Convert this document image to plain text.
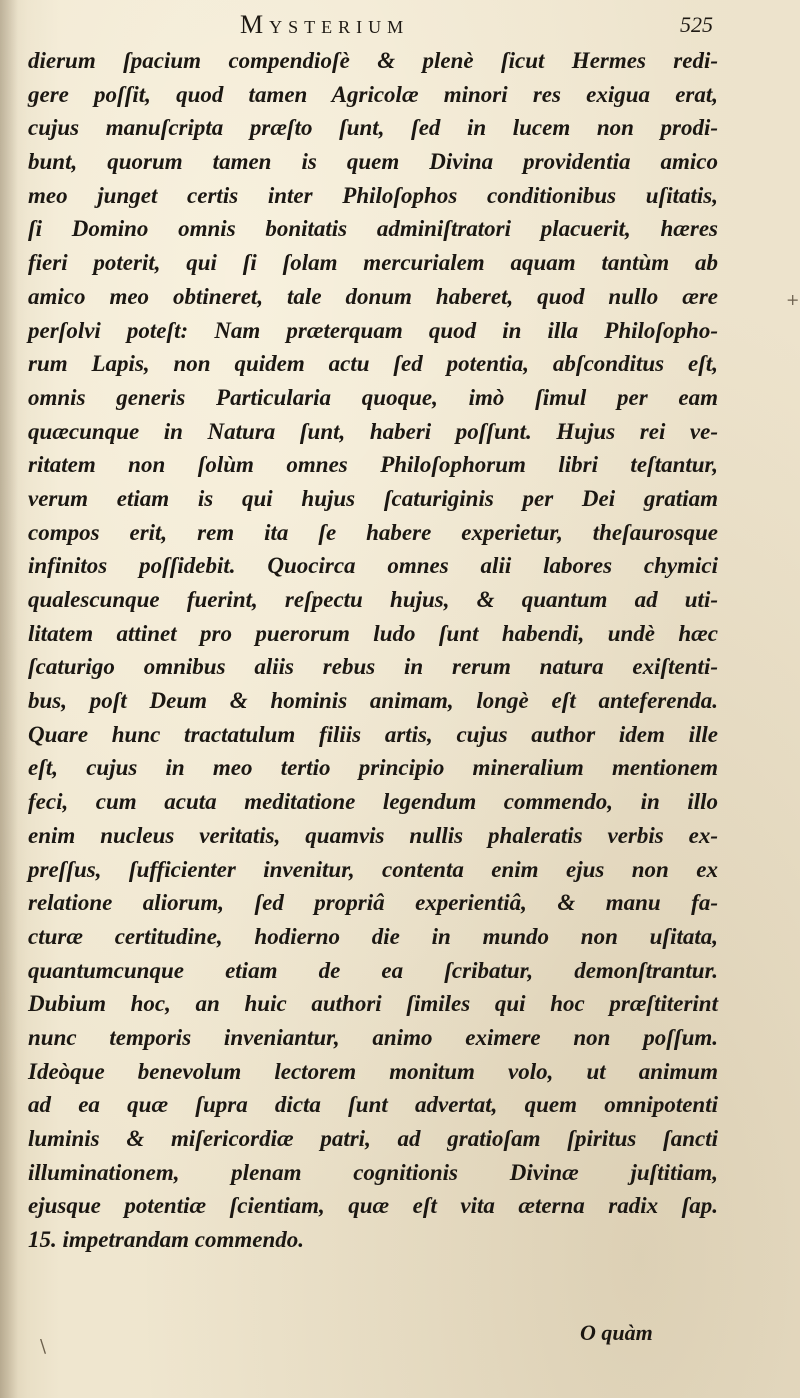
Mysterium	525
dierum ſpacium compendioſè & plenè ſicut Hermes redi-
gere poſſit, quod tamen Agricolæ minori res exigua erat,
cujus manuſcripta præſto ſunt, ſed in lucem non prodi-
bunt, quorum tamen is quem Divina providentia amico
meo junget certis inter Philoſophos conditionibus uſitatis,
ſi Domino omnis bonitatis adminiſtratori placuerit, hæres
fieri poterit, qui ſi ſolam mercurialem aquam tantùm ab
amico meo obtineret, tale donum haberet, quod nullo ære
perſolvi poteſt: Nam præterquam quod in illa Philoſopho-
rum Lapis, non quidem actu ſed potentia, abſconditus eſt,
omnis generis Particularia quoque, imò ſimul per eam
quæcunque in Natura ſunt, haberi poſſunt. Hujus rei ve-
ritatem non ſolùm omnes Philoſophorum libri teſtantur,
verum etiam is qui hujus ſcaturiginis per Dei gratiam
compos erit, rem ita ſe habere experietur, theſaurosque
infinitos poſſidebit. Quocirca omnes alii labores chymici
qualescunque fuerint, reſpectu hujus, & quantum ad uti-
litatem attinet pro puerorum ludo ſunt habendi, undè hæc
ſcaturigo omnibus aliis rebus in rerum natura exiſtenti-
bus, poſt Deum & hominis animam, longè eſt anteferenda.
Quare hunc tractatulum filiis artis, cujus author idem ille
eſt, cujus in meo tertio principio mineralium mentionem
feci, cum acuta meditatione legendum commendo, in illo
enim nucleus veritatis, quamvis nullis phaleratis verbis ex-
preſſus, ſufficienter invenitur, contenta enim ejus non ex
relatione aliorum, ſed propriâ experientiâ, & manu fa-
cturæ certitudine, hodierno die in mundo non uſitata,
quantumcunque etiam de ea ſcribatur, demonſtrantur.
Dubium hoc, an huic authori ſimiles qui hoc præſtiterint
nunc temporis inveniantur, animo eximere non poſſum.
Ideòque benevolum lectorem monitum volo, ut animum
ad ea quæ ſupra dicta ſunt advertat, quem omnipotenti
luminis & miſericordiæ patri, ad gratioſam ſpiritus ſancti
illuminationem, plenam cognitionis Divinæ juſtitiam,
ejusque potentiæ ſcientiam, quæ eſt vita æterna radix ſap.
15. impetrandam commendo.
+
\
O quàm
